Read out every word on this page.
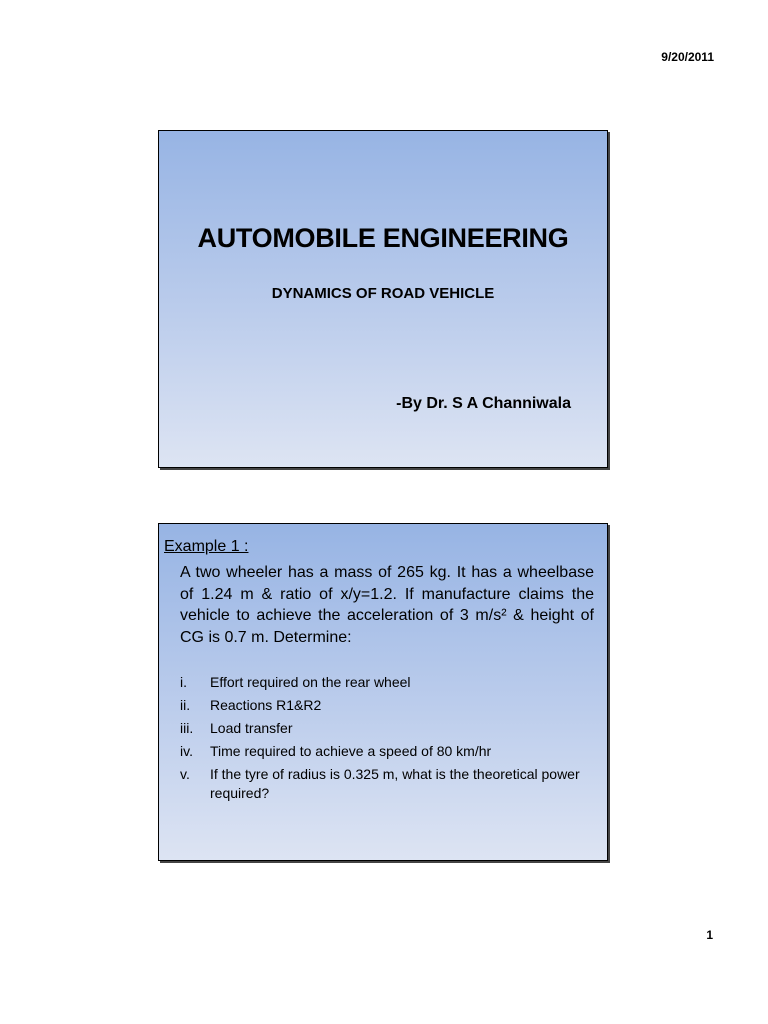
9/20/2011
AUTOMOBILE ENGINEERING
DYNAMICS OF ROAD VEHICLE
-By Dr. S A Channiwala
Example 1 :
A two wheeler has a mass of 265 kg. It has a wheelbase of 1.24 m & ratio of x/y=1.2. If manufacture claims the vehicle to achieve the acceleration of 3 m/s² & height of CG is 0.7 m. Determine:
i.	Effort required on the rear wheel
ii.	Reactions R1&R2
iii.	Load transfer
iv.	Time required to achieve a speed of 80 km/hr
v.	If the tyre of radius is 0.325 m, what is the theoretical power required?
1
